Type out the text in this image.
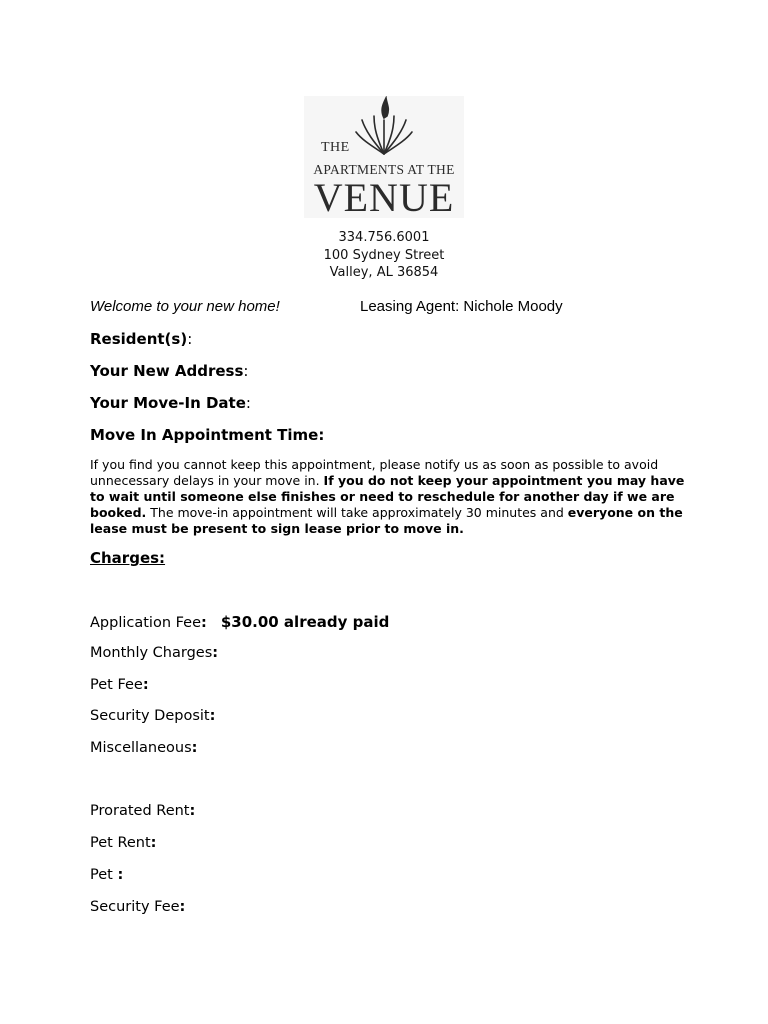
THE
APARTMENTS AT THE
VENUE
334.756.6001
100 Sydney Street
Valley, AL 36854
Welcome to your new home!	Leasing Agent: Nichole Moody
Resident(s):
Your New Address:
Your Move-In Date:
Move In Appointment Time:
If you find you cannot keep this appointment, please notify us as soon as possible to avoid unnecessary delays in your move in. If you do not keep your appointment you may have to wait until someone else finishes or need to reschedule for another day if we are booked. The move-in appointment will take approximately 30 minutes and everyone on the lease must be present to sign lease prior to move in.
Charges:
Application Fee: $30.00 already paid
Monthly Charges:
Pet Fee:
Security Deposit:
Miscellaneous:
Prorated Rent:
Pet Rent:
Pet :
Security Fee:
